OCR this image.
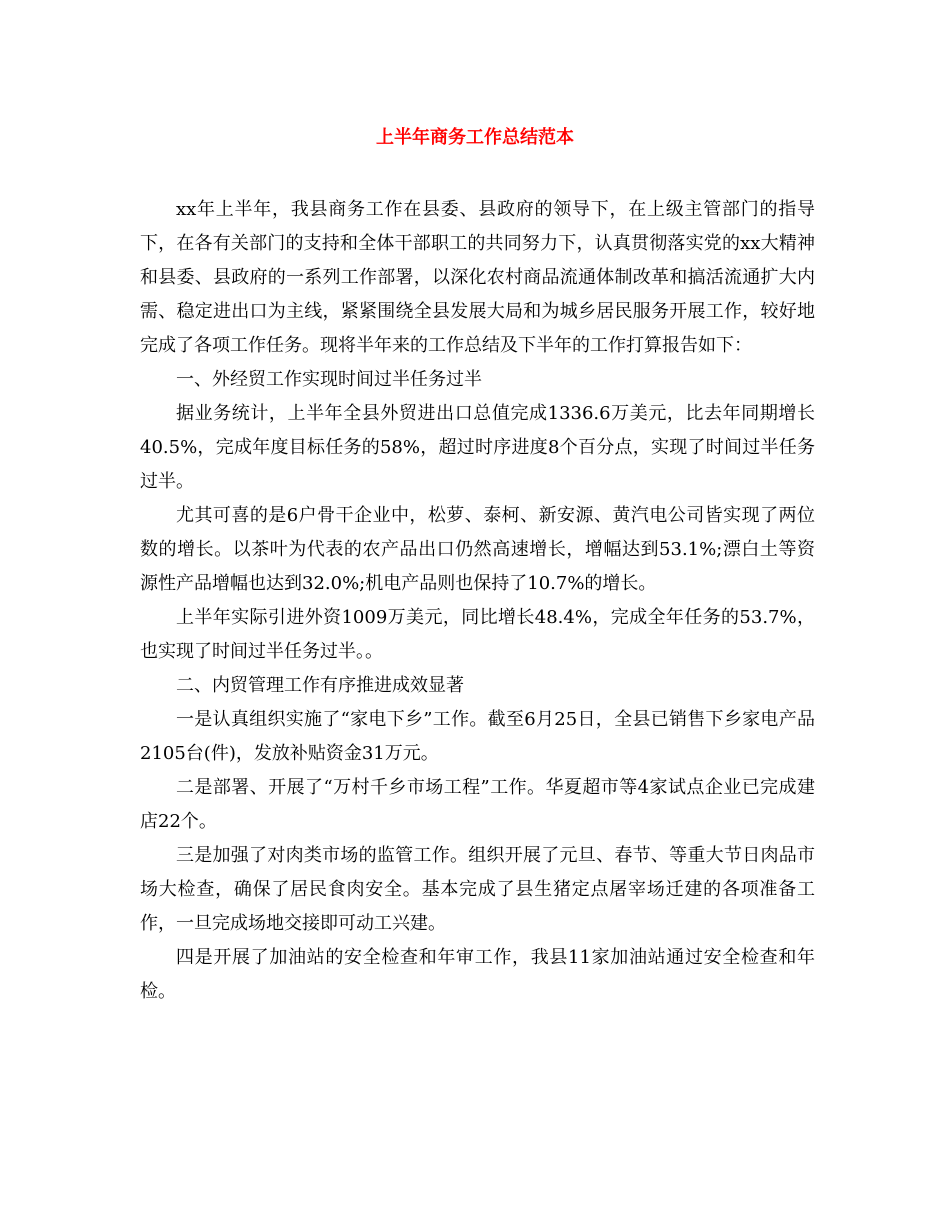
上半年商务工作总结范本

xx年上半年，我县商务工作在县委、县政府的领导下，在上级主管部门的指导下，在各有关部门的支持和全体干部职工的共同努力下，认真贯彻落实党的xx大精神和县委、县政府的一系列工作部署，以深化农村商品流通体制改革和搞活流通扩大内需、稳定进出口为主线，紧紧围绕全县发展大局和为城乡居民服务开展工作，较好地完成了各项工作任务。现将半年来的工作总结及下半年的工作打算报告如下：

一、外经贸工作实现时间过半任务过半

据业务统计，上半年全县外贸进出口总值完成1336.6万美元，比去年同期增长40.5%，完成年度目标任务的58%，超过时序进度8个百分点，实现了时间过半任务过半。

尤其可喜的是6户骨干企业中，松萝、泰柯、新安源、黄汽电公司皆实现了两位数的增长。以茶叶为代表的农产品出口仍然高速增长，增幅达到53.1%;漂白土等资源性产品增幅也达到32.0%;机电产品则也保持了10.7%的增长。

上半年实际引进外资1009万美元，同比增长48.4%，完成全年任务的53.7%，也实现了时间过半任务过半。。

二、内贸管理工作有序推进成效显著

一是认真组织实施了“家电下乡”工作。截至6月25日，全县已销售下乡家电产品2105台(件)，发放补贴资金31万元。

二是部署、开展了“万村千乡市场工程”工作。华夏超市等4家试点企业已完成建店22个。

三是加强了对肉类市场的监管工作。组织开展了元旦、春节、等重大节日肉品市场大检查，确保了居民食肉安全。基本完成了县生猪定点屠宰场迁建的各项准备工作，一旦完成场地交接即可动工兴建。

四是开展了加油站的安全检查和年审工作，我县11家加油站通过安全检查和年检。
